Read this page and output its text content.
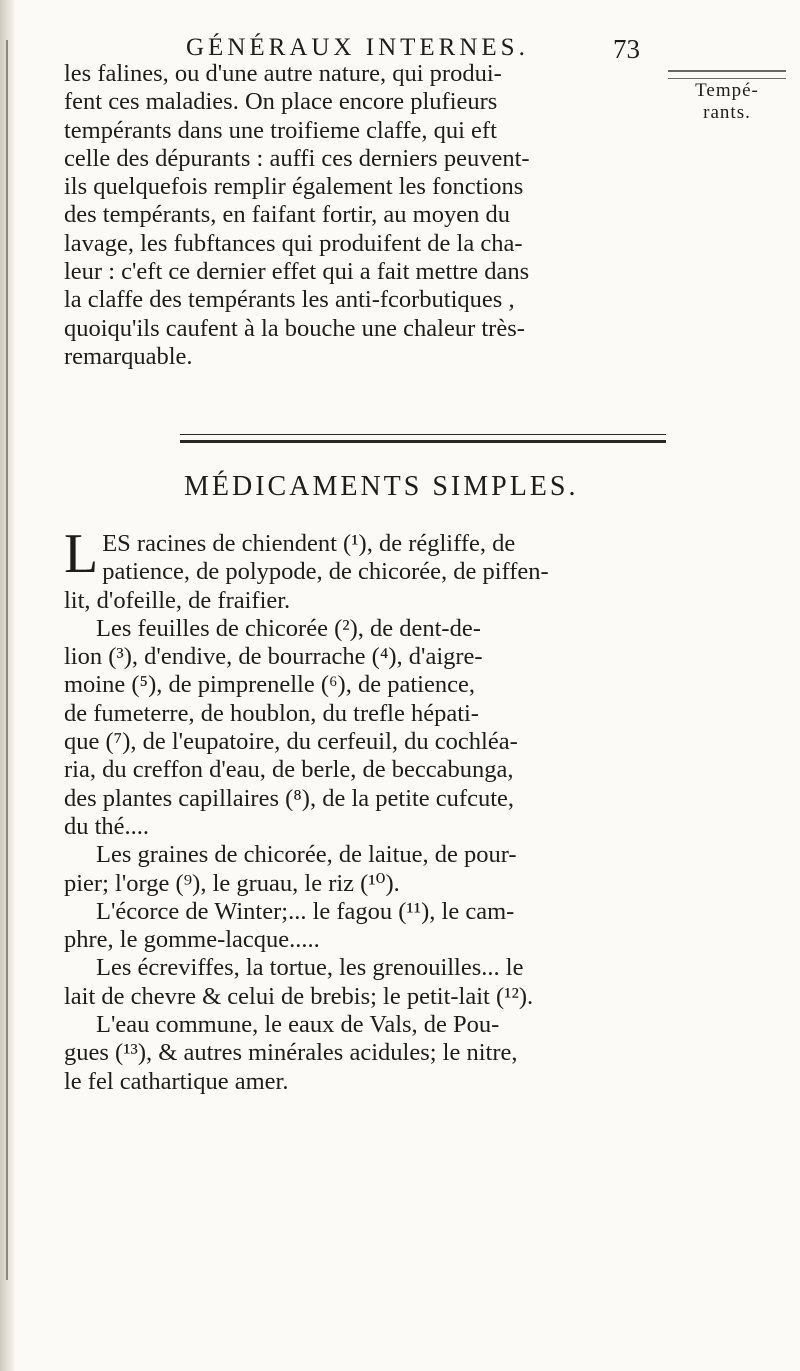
GÉNÉRAUX INTERNES.	73
les falines, ou d'une autre nature, qui produi-
fent ces maladies. On place encore plufieurs
tempérants dans une troifieme claffe, qui eft
celle des dépurants : auffi ces derniers peuvent-
ils quelquefois remplir également les fonctions
des tempérants, en faifant fortir, au moyen du
lavage, les fubftances qui produifent de la cha-
leur : c'eft ce dernier effet qui a fait mettre dans
la claffe des tempérants les anti-fcorbutiques ,
quoiqu'ils caufent à la bouche une chaleur très-
remarquable.
MÉDICAMENTS SIMPLES.
LES racines de chiendent (¹), de régliffe, de
patience, de polypode, de chicorée, de piffen-
lit, d'ofeille, de fraifier.
Les feuilles de chicorée (²), de dent-de-
lion (³), d'endive, de bourrache (⁴), d'aigre-
moine (⁵), de pimprenelle (⁶), de patience,
de fumeterre, de houblon, du trefle hépati-
que (⁷), de l'eupatoire, du cerfeuil, du cochléa-
ria, du creffon d'eau, de berle, de beccabunga,
des plantes capillaires (⁸), de la petite cufcute,
du thé....
Les graines de chicorée, de laitue, de pour-
pier; l'orge (⁹), le gruau, le riz (¹⁰).
L'écorce de Winter;... le fagou (¹¹), le cam-
phre, le gomme-lacque.....
Les écreviffes, la tortue, les grenouilles... le
lait de chevre & celui de brebis; le petit-lait (¹²).
L'eau commune, le eaux de Vals, de Pou-
gues (¹³), & autres minérales acidules; le nitre,
le fel cathartique amer.
Tempé-
rants.
